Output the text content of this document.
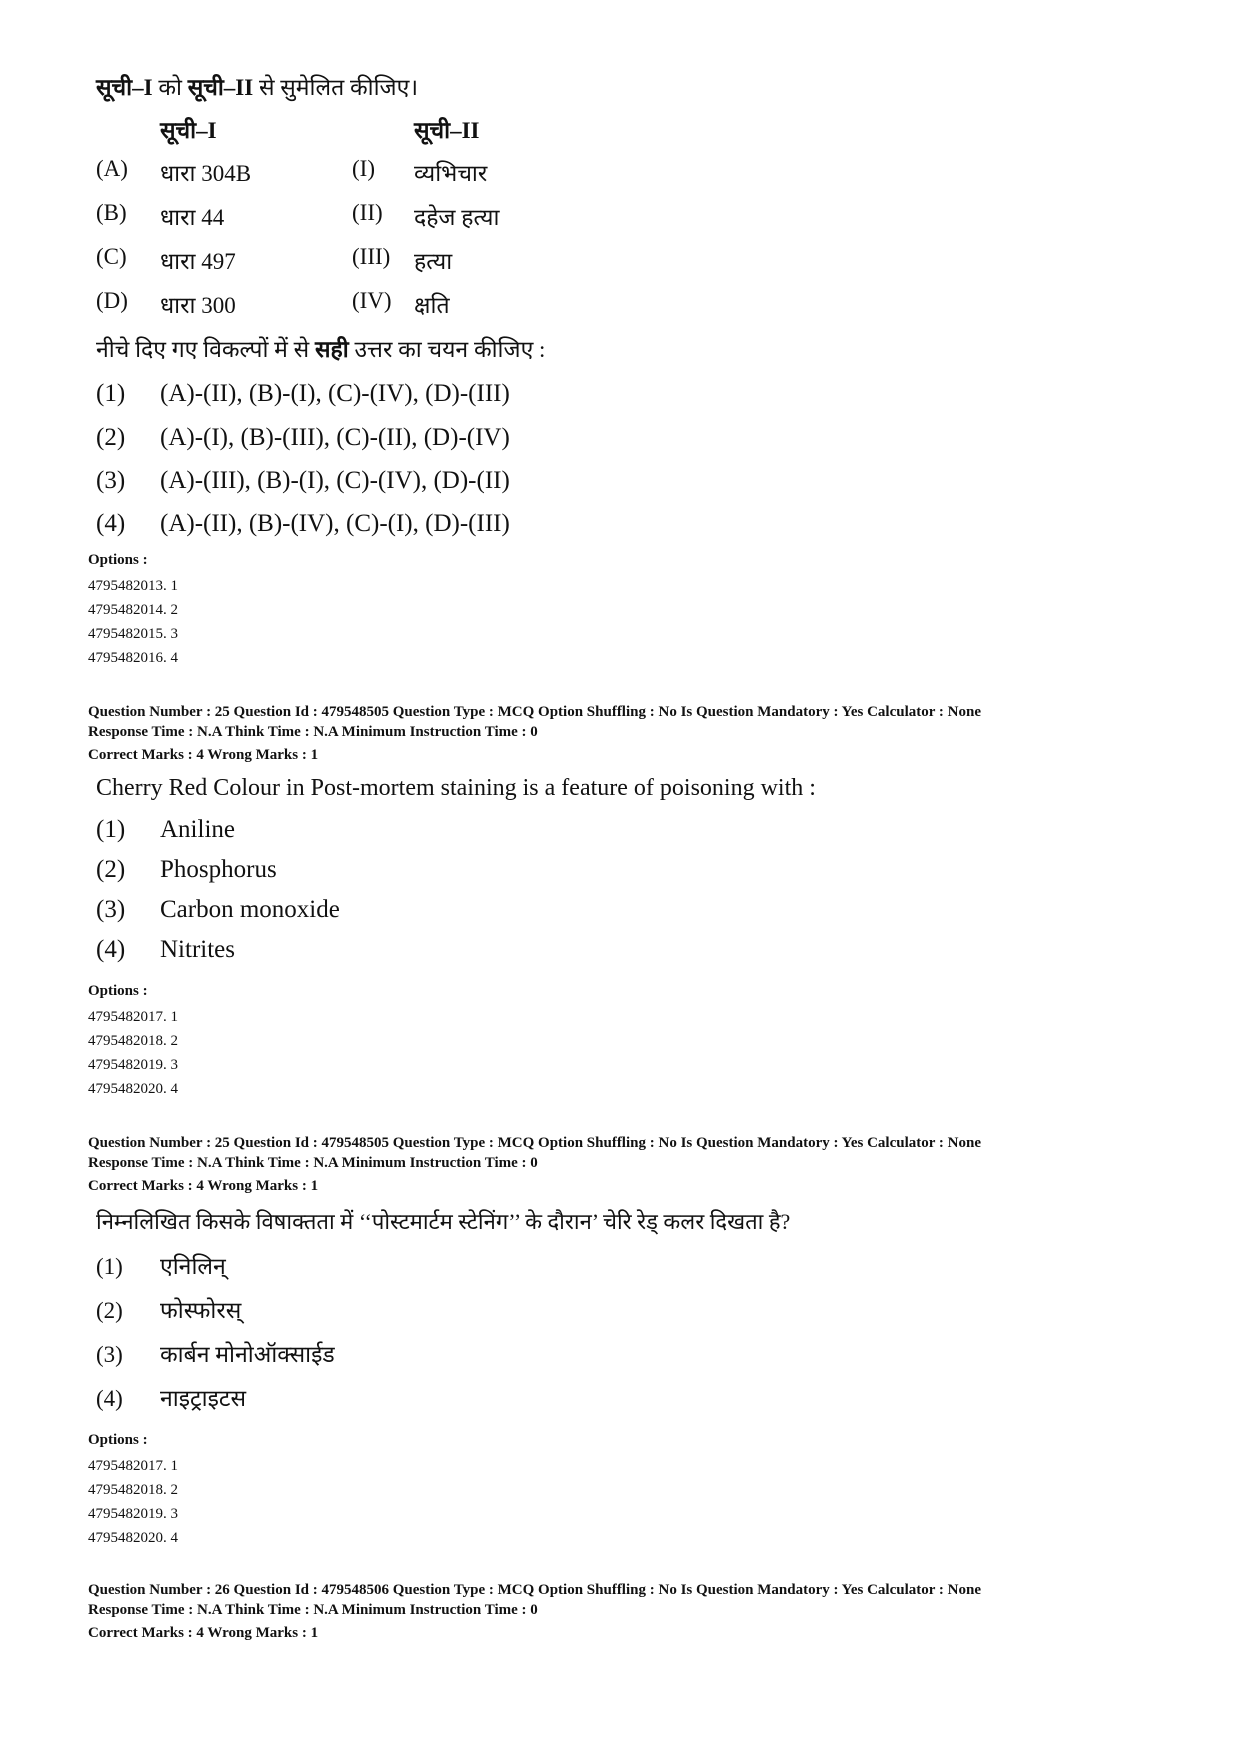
सूची–I को सूची–II से सुमेलित कीजिए।
सूची–I	सूची–II
(A) धारा 304B	(I) व्यभिचार
(B) धारा 44	(II) दहेज हत्या
(C) धारा 497	(III) हत्या
(D) धारा 300	(IV) क्षति
नीचे दिए गए विकल्पों में से सही उत्तर का चयन कीजिए :
(1) (A)-(II), (B)-(I), (C)-(IV), (D)-(III)
(2) (A)-(I), (B)-(III), (C)-(II), (D)-(IV)
(3) (A)-(III), (B)-(I), (C)-(IV), (D)-(II)
(4) (A)-(II), (B)-(IV), (C)-(I), (D)-(III)
Options :
4795482013. 1
4795482014. 2
4795482015. 3
4795482016. 4
Question Number : 25 Question Id : 479548505 Question Type : MCQ Option Shuffling : No Is Question Mandatory : Yes Calculator : None
Response Time : N.A Think Time : N.A Minimum Instruction Time : 0
Correct Marks : 4 Wrong Marks : 1
Cherry Red Colour in Post-mortem staining is a feature of poisoning with :
(1) Aniline
(2) Phosphorus
(3) Carbon monoxide
(4) Nitrites
Options :
4795482017. 1
4795482018. 2
4795482019. 3
4795482020. 4
Question Number : 25 Question Id : 479548505 Question Type : MCQ Option Shuffling : No Is Question Mandatory : Yes Calculator : None
Response Time : N.A Think Time : N.A Minimum Instruction Time : 0
Correct Marks : 4 Wrong Marks : 1
निम्नलिखित किसके विषाक्तता में ‘‘पोस्टमार्टम स्टेनिंग’’ के दौरान’ चेरि रेड् कलर दिखता है?
(1) एनिलिन्
(2) फोस्फोरस्
(3) कार्बन मोनोऑक्साईड
(4) नाइट्राइटस
Options :
4795482017. 1
4795482018. 2
4795482019. 3
4795482020. 4
Question Number : 26 Question Id : 479548506 Question Type : MCQ Option Shuffling : No Is Question Mandatory : Yes Calculator : None
Response Time : N.A Think Time : N.A Minimum Instruction Time : 0
Correct Marks : 4 Wrong Marks : 1
